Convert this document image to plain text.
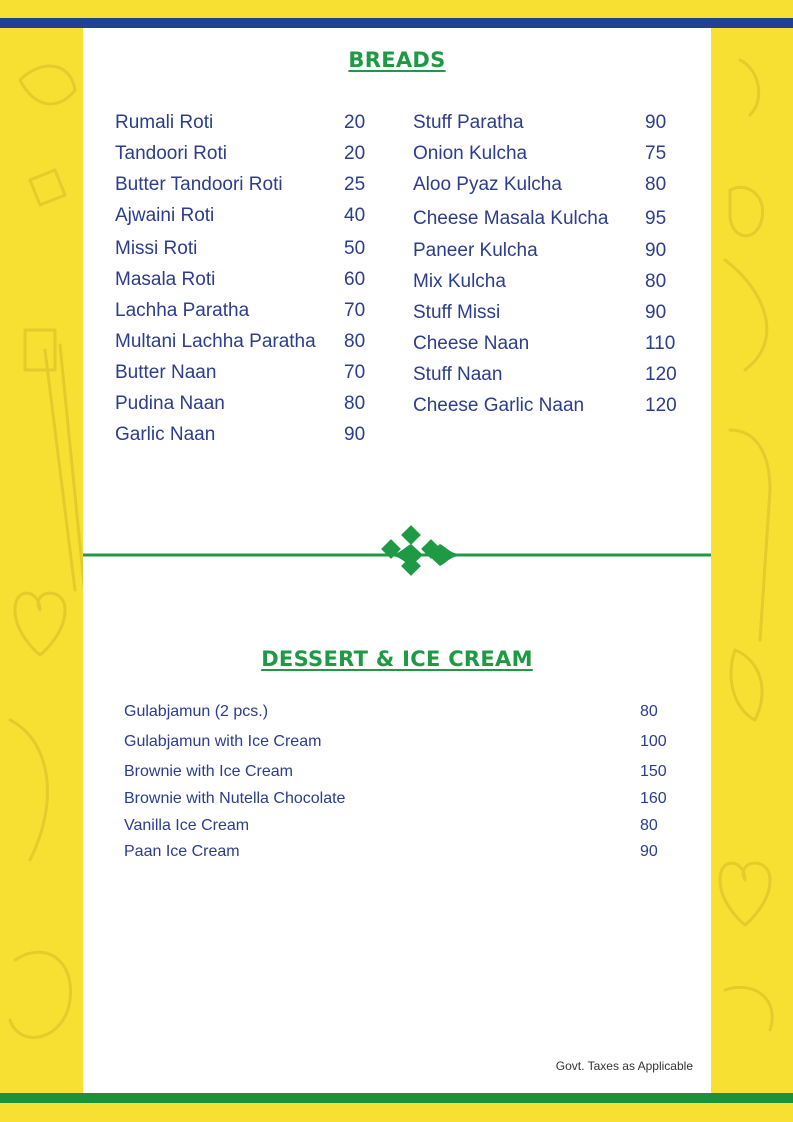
BREADS
Rumali Roti	20
Tandoori Roti	20
Butter Tandoori Roti	25
Ajwaini Roti	40
Missi Roti	50
Masala Roti	60
Lachha Paratha	70
Multani Lachha Paratha 80
Butter Naan	70
Pudina Naan	80
Garlic Naan	90
Stuff Paratha	90
Onion Kulcha	75
Aloo Pyaz Kulcha	80
Cheese Masala Kulcha 95
Paneer Kulcha	90
Mix Kulcha	80
Stuff Missi	90
Cheese Naan	110
Stuff Naan	120
Cheese Garlic Naan	120
DESSERT & ICE CREAM
Gulabjamun (2 pcs.)	80
Gulabjamun with Ice Cream	100
Brownie with Ice Cream	150
Brownie with Nutella Chocolate	160
Vanilla Ice Cream	80
Paan Ice Cream	90
Govt. Taxes as Applicable
